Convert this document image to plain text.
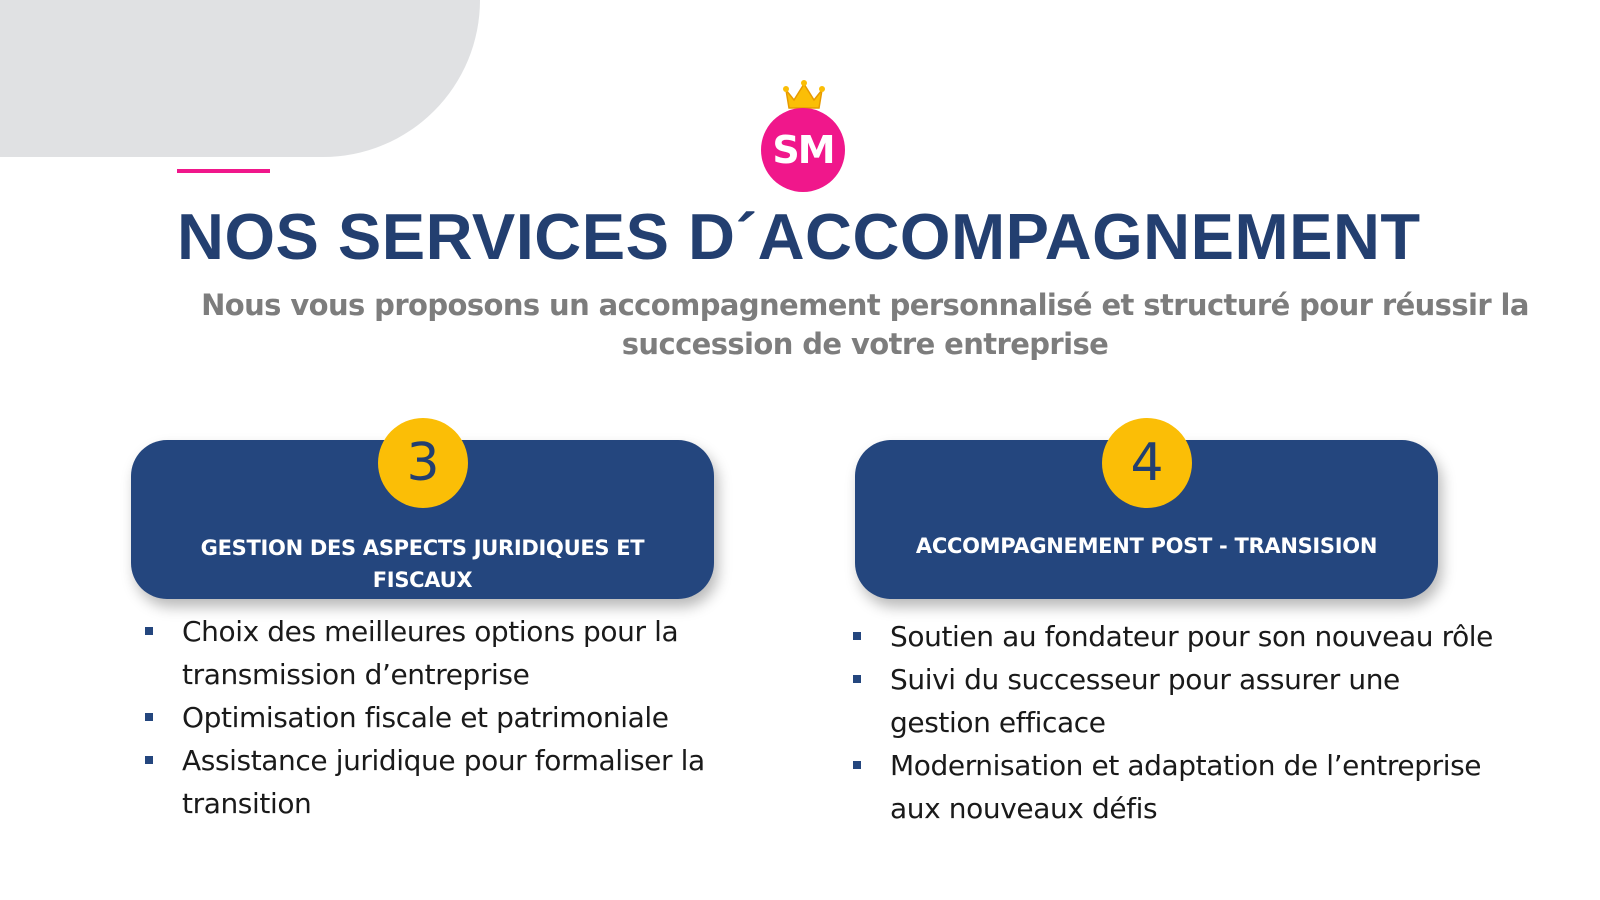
SM
NOS SERVICES D´ACCOMPAGNEMENT

Nous vous proposons un accompagnement personnalisé et structuré pour réussir la succession de votre entreprise

3

GESTION DES ASPECTS JURIDIQUES ET FISCAUX

Choix des meilleures options pour la transmission d’entreprise
Optimisation fiscale et patrimoniale
Assistance juridique pour formaliser la transition
4

ACCOMPAGNEMENT POST - TRANSISION

Soutien au fondateur pour son nouveau rôle
Suivi du successeur pour assurer une gestion efficace
Modernisation et adaptation de l’entreprise aux nouveaux défis
